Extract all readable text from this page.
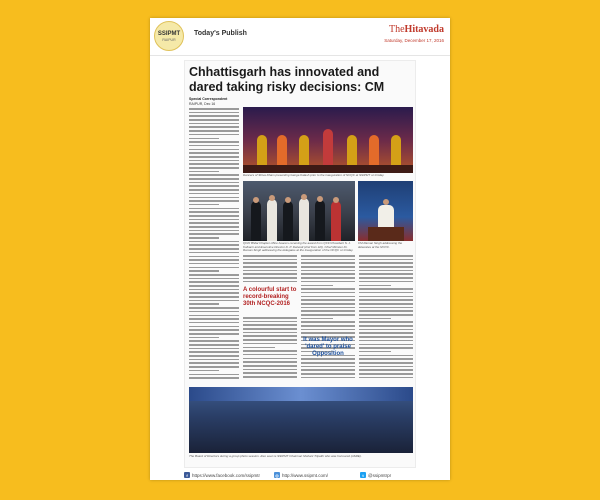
SSIPMT
RAIPUR
Today's Publish	TheHitavada
Saturday, December 17, 2016
Chhattisgarh has innovated and dared taking risky decisions: CM
Special Correspondent
RAIPUR, Dec 16
Dancers of Shiva Dham presenting Ganga Kalash prior to the inauguration of NCQC at SSIPMT on Friday.
QCFI Bhilai Chapter office bearers receiving the award from QCFI President S. J. Kulkarni and Executive Director D. P. Dwivedi (2nd from left), Chief Minister Dr. Raman Singh addressing the delegates at the inauguration of the NCQC on Friday.
CM Raman Singh addressing the delegates at the NCQC.
A colourful start to record-breaking 30th NCQC-2016
It was Mayor who 'dared' to praise Opposition
The Board of Directors during a group photo session. Also seen is SSIPMT Chairman Nishant Tripathi who was honoured (ASRE).
f https://www.facebook.com/ssipmtr	◎ http://www.ssipmt.com/	t @ssipmtrpr
